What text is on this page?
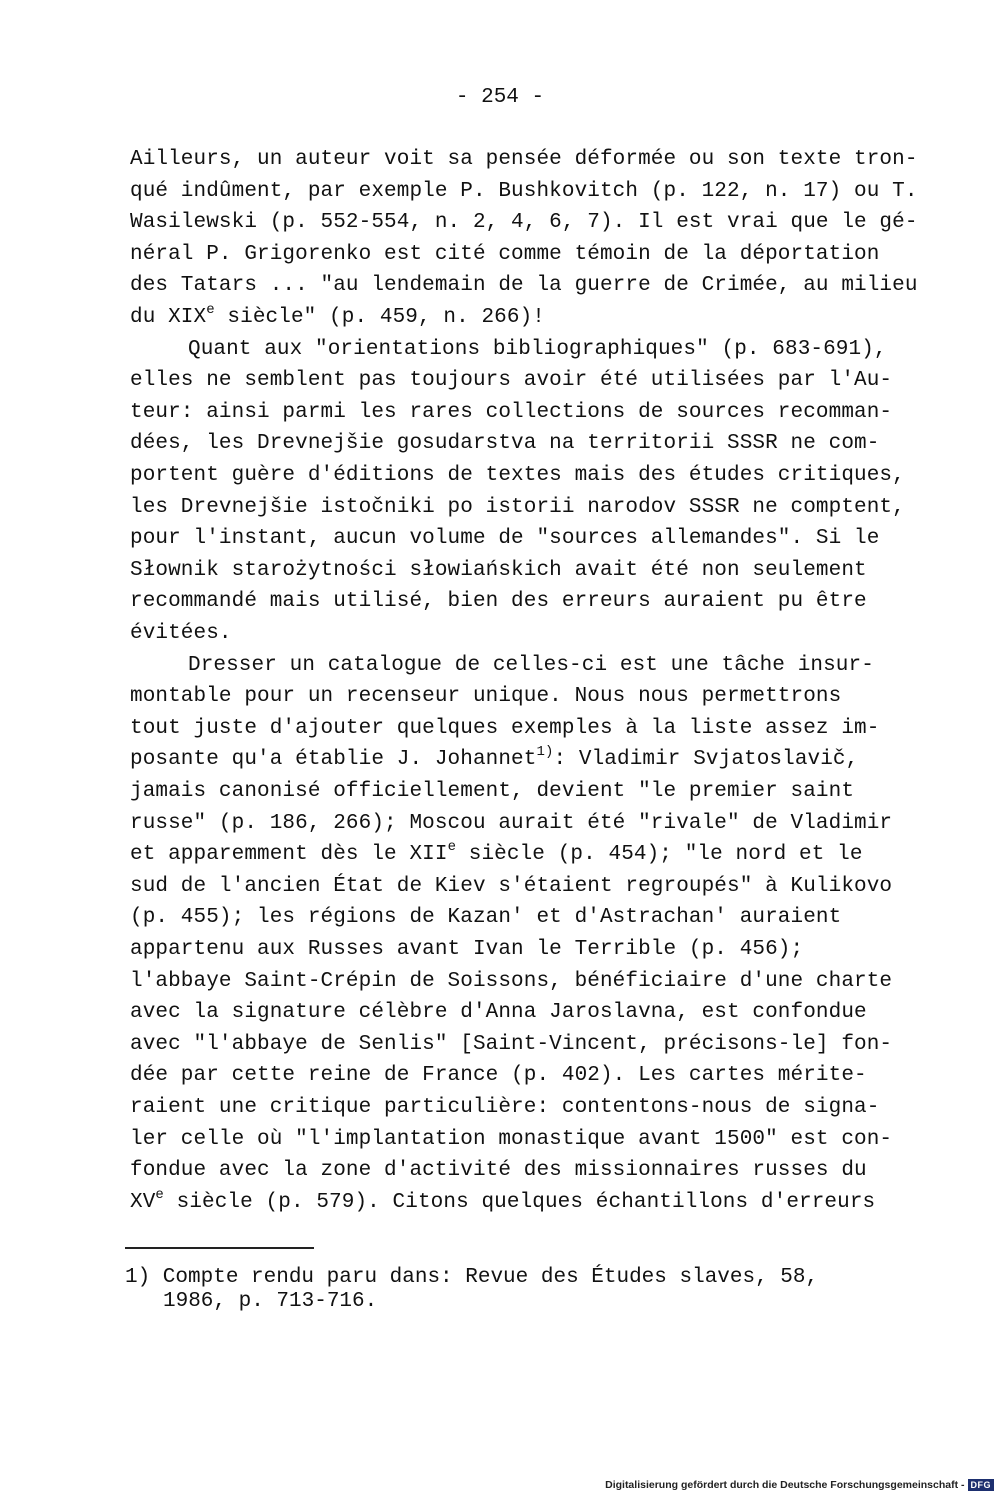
- 254 -
Ailleurs, un auteur voit sa pensée déformée ou son texte tron-
qué indûment, par exemple P. Bushkovitch (p. 122, n. 17) ou T.
Wasilewski (p. 552-554, n. 2, 4, 6, 7). Il est vrai que le gé-
néral P. Grigorenko est cité comme témoin de la déportation
des Tatars ... "au lendemain de la guerre de Crimée, au milieu
du XIXe siècle" (p. 459, n. 266)!
Quant aux "orientations bibliographiques" (p. 683-691),
elles ne semblent pas toujours avoir été utilisées par l'Au-
teur: ainsi parmi les rares collections de sources recomman-
dées, les Drevnejšie gosudarstva na territorii SSSR ne com-
portent guère d'éditions de textes mais des études critiques,
les Drevnejšie istočniki po istorii narodov SSSR ne comptent,
pour l'instant, aucun volume de "sources allemandes". Si le
Słownik starożytności słowiańskich avait été non seulement
recommandé mais utilisé, bien des erreurs auraient pu être
évitées.
Dresser un catalogue de celles-ci est une tâche insur-
montable pour un recenseur unique. Nous nous permettrons
tout juste d'ajouter quelques exemples à la liste assez im-
posante qu'a établie J. Johannet$^{1)}$: Vladimir Svjatoslavič,
jamais canonisé officiellement, devient "le premier saint
russe" (p. 186, 266); Moscou aurait été "rivale" de Vladimir
et apparemment dès le XIIe siècle (p. 454); "le nord et le
sud de l'ancien État de Kiev s'étaient regroupés" à Kulikovo
(p. 455); les régions de Kazan' et d'Astrachan' auraient
appartenu aux Russes avant Ivan le Terrible (p. 456);
l'abbaye Saint-Crépin de Soissons, bénéficiaire d'une charte
avec la signature célèbre d'Anna Jaroslavna, est confondue
avec "l'abbaye de Senlis" [Saint-Vincent, précisons-le] fon-
dée par cette reine de France (p. 402). Les cartes mérite-
raient une critique particulière: contentons-nous de signa-
ler celle où "l'implantation monastique avant 1500" est con-
fondue avec la zone d'activité des missionnaires russes du
XVe siècle (p. 579). Citons quelques échantillons d'erreurs
1) Compte rendu paru dans: Revue des Études slaves, 58,
1986, p. 713-716.
Digitalisierung gefördert durch die Deutsche Forschungsgemeinschaft - DFG
